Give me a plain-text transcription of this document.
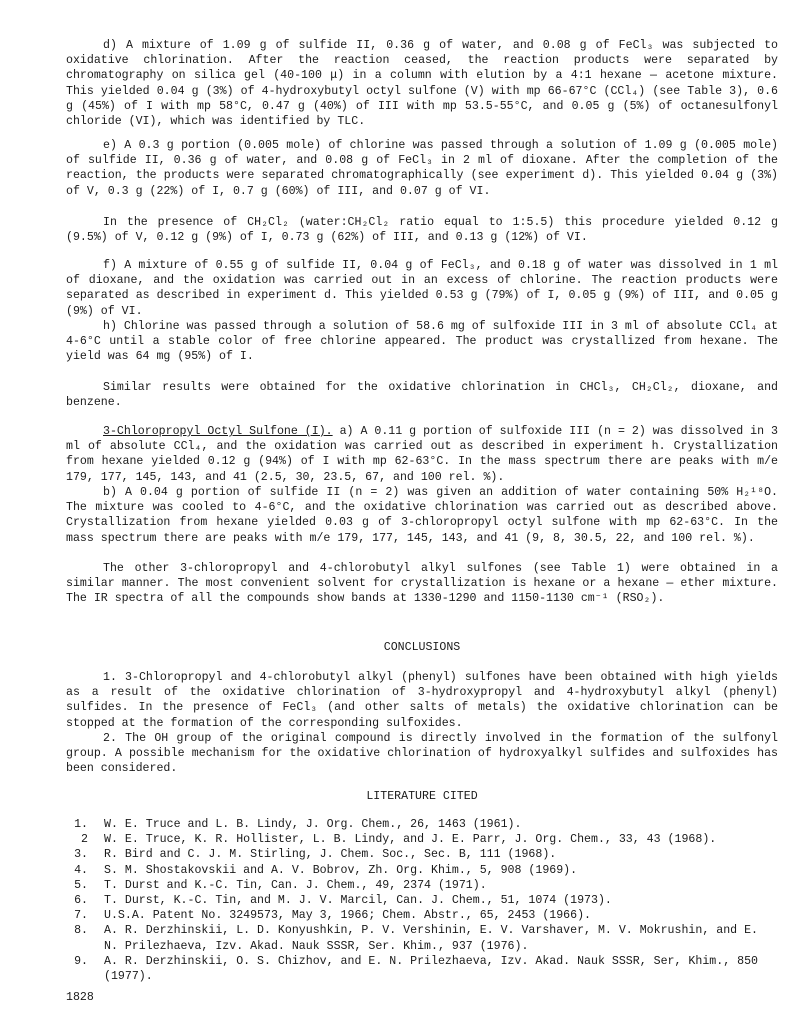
d) A mixture of 1.09 g of sulfide II, 0.36 g of water, and 0.08 g of FeCl₃ was subjected to oxidative chlorination. After the reaction ceased, the reaction products were separated by chromatography on silica gel (40-100 μ) in a column with elution by a 4:1 hexane — acetone mixture. This yielded 0.04 g (3%) of 4-hydroxybutyl octyl sulfone (V) with mp 66-67°C (CCl₄) (see Table 3), 0.6 g (45%) of I with mp 58°C, 0.47 g (40%) of III with mp 53.5-55°C, and 0.05 g (5%) of octanesulfonyl chloride (VI), which was identified by TLC.

e) A 0.3 g portion (0.005 mole) of chlorine was passed through a solution of 1.09 g (0.005 mole) of sulfide II, 0.36 g of water, and 0.08 g of FeCl₃ in 2 ml of dioxane. After the completion of the reaction, the products were separated chromatographically (see experiment d). This yielded 0.04 g (3%) of V, 0.3 g (22%) of I, 0.7 g (60%) of III, and 0.07 g of VI.

In the presence of CH₂Cl₂ (water:CH₂Cl₂ ratio equal to 1:5.5) this procedure yielded 0.12 g (9.5%) of V, 0.12 g (9%) of I, 0.73 g (62%) of III, and 0.13 g (12%) of VI.

f) A mixture of 0.55 g of sulfide II, 0.04 g of FeCl₃, and 0.18 g of water was dissolved in 1 ml of dioxane, and the oxidation was carried out in an excess of chlorine. The reaction products were separated as described in experiment d. This yielded 0.53 g (79%) of I, 0.05 g (9%) of III, and 0.05 g (9%) of VI.

h) Chlorine was passed through a solution of 58.6 mg of sulfoxide III in 3 ml of absolute CCl₄ at 4-6°C until a stable color of free chlorine appeared. The product was crystallized from hexane. The yield was 64 mg (95%) of I.

Similar results were obtained for the oxidative chlorination in CHCl₃, CH₂Cl₂, dioxane, and benzene.

3-Chloropropyl Octyl Sulfone (I). a) A 0.11 g portion of sulfoxide III (n = 2) was dissolved in 3 ml of absolute CCl₄, and the oxidation was carried out as described in experiment h. Crystallization from hexane yielded 0.12 g (94%) of I with mp 62-63°C. In the mass spectrum there are peaks with m/e 179, 177, 145, 143, and 41 (2.5, 30, 23.5, 67, and 100 rel. %).

b) A 0.04 g portion of sulfide II (n = 2) was given an addition of water containing 50% H₂¹⁸O. The mixture was cooled to 4-6°C, and the oxidative chlorination was carried out as described above. Crystallization from hexane yielded 0.03 g of 3-chloropropyl octyl sulfone with mp 62-63°C. In the mass spectrum there are peaks with m/e 179, 177, 145, 143, and 41 (9, 8, 30.5, 22, and 100 rel. %).

The other 3-chloropropyl and 4-chlorobutyl alkyl sulfones (see Table 1) were obtained in a similar manner. The most convenient solvent for crystallization is hexane or a hexane — ether mixture. The IR spectra of all the compounds show bands at 1330-1290 and 1150-1130 cm⁻¹ (RSO₂).

CONCLUSIONS

1. 3-Chloropropyl and 4-chlorobutyl alkyl (phenyl) sulfones have been obtained with high yields as a result of the oxidative chlorination of 3-hydroxypropyl and 4-hydroxybutyl alkyl (phenyl) sulfides. In the presence of FeCl₃ (and other salts of metals) the oxidative chlorination can be stopped at the formation of the corresponding sulfoxides.

2. The OH group of the original compound is directly involved in the formation of the sulfonyl group. A possible mechanism for the oxidative chlorination of hydroxyalkyl sulfides and sulfoxides has been considered.

LITERATURE CITED

1. W. E. Truce and L. B. Lindy, J. Org. Chem., 26, 1463 (1961).
2 W. E. Truce, K. R. Hollister, L. B. Lindy, and J. E. Parr, J. Org. Chem., 33, 43 (1968).
3. R. Bird and C. J. M. Stirling, J. Chem. Soc., Sec. B, 111 (1968).
4. S. M. Shostakovskii and A. V. Bobrov, Zh. Org. Khim., 5, 908 (1969).
5. T. Durst and K.-C. Tin, Can. J. Chem., 49, 2374 (1971).
6. T. Durst, K.-C. Tin, and M. J. V. Marcil, Can. J. Chem., 51, 1074 (1973).
7. U.S.A. Patent No. 3249573, May 3, 1966; Chem. Abstr., 65, 2453 (1966).
8. A. R. Derzhinskii, L. D. Konyushkin, P. V. Vershinin, E. V. Varshaver, M. V. Mokrushin, and E. N. Prilezhaeva, Izv. Akad. Nauk SSSR, Ser. Khim., 937 (1976).
9. A. R. Derzhinskii, O. S. Chizhov, and E. N. Prilezhaeva, Izv. Akad. Nauk SSSR, Ser, Khim., 850 (1977).
1828
